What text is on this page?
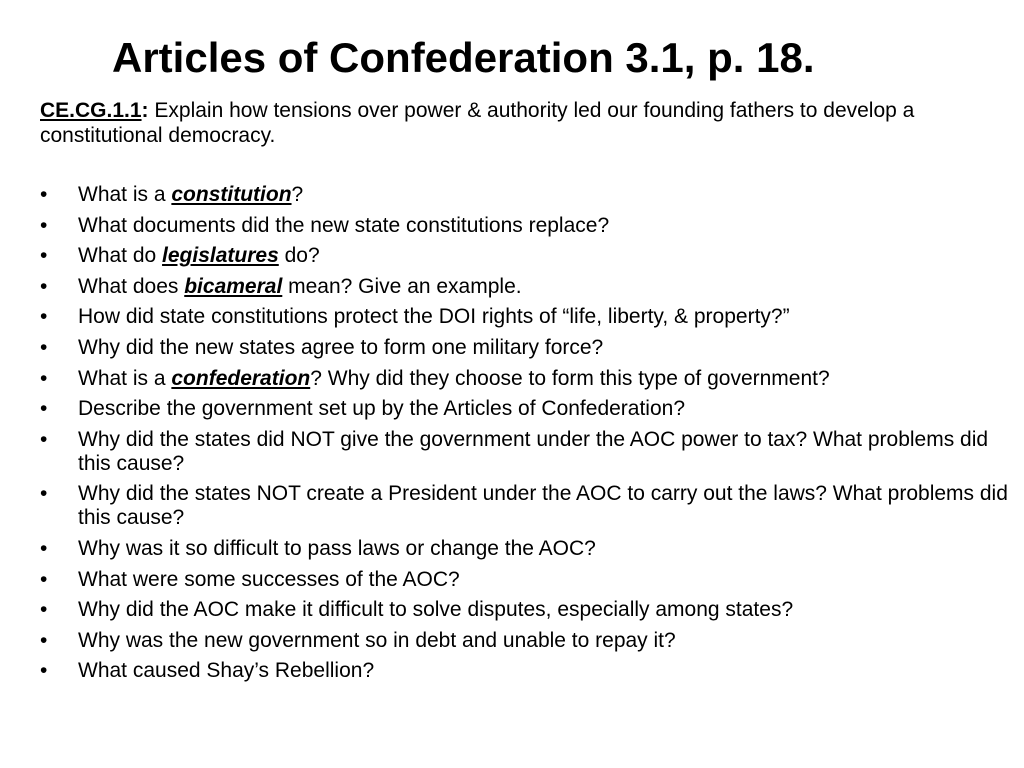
Articles of Confederation 3.1, p. 18.
CE.CG.1.1: Explain how tensions over power & authority led our founding fathers to develop a constitutional democracy.
• What is a constitution?
• What documents did the new state constitutions replace?
• What do legislatures do?
• What does bicameral mean? Give an example.
• How did state constitutions protect the DOI rights of “life, liberty, & property?”
• Why did the new states agree to form one military force?
• What is a confederation? Why did they choose to form this type of government?
• Describe the government set up by the Articles of Confederation?
• Why did the states did NOT give the government under the AOC power to tax? What problems did this cause?
• Why did the states NOT create a President under the AOC to carry out the laws? What problems did this cause?
• Why was it so difficult to pass laws or change the AOC?
• What were some successes of the AOC?
• Why did the AOC make it difficult to solve disputes, especially among states?
• Why was the new government so in debt and unable to repay it?
• What caused Shay’s Rebellion?
